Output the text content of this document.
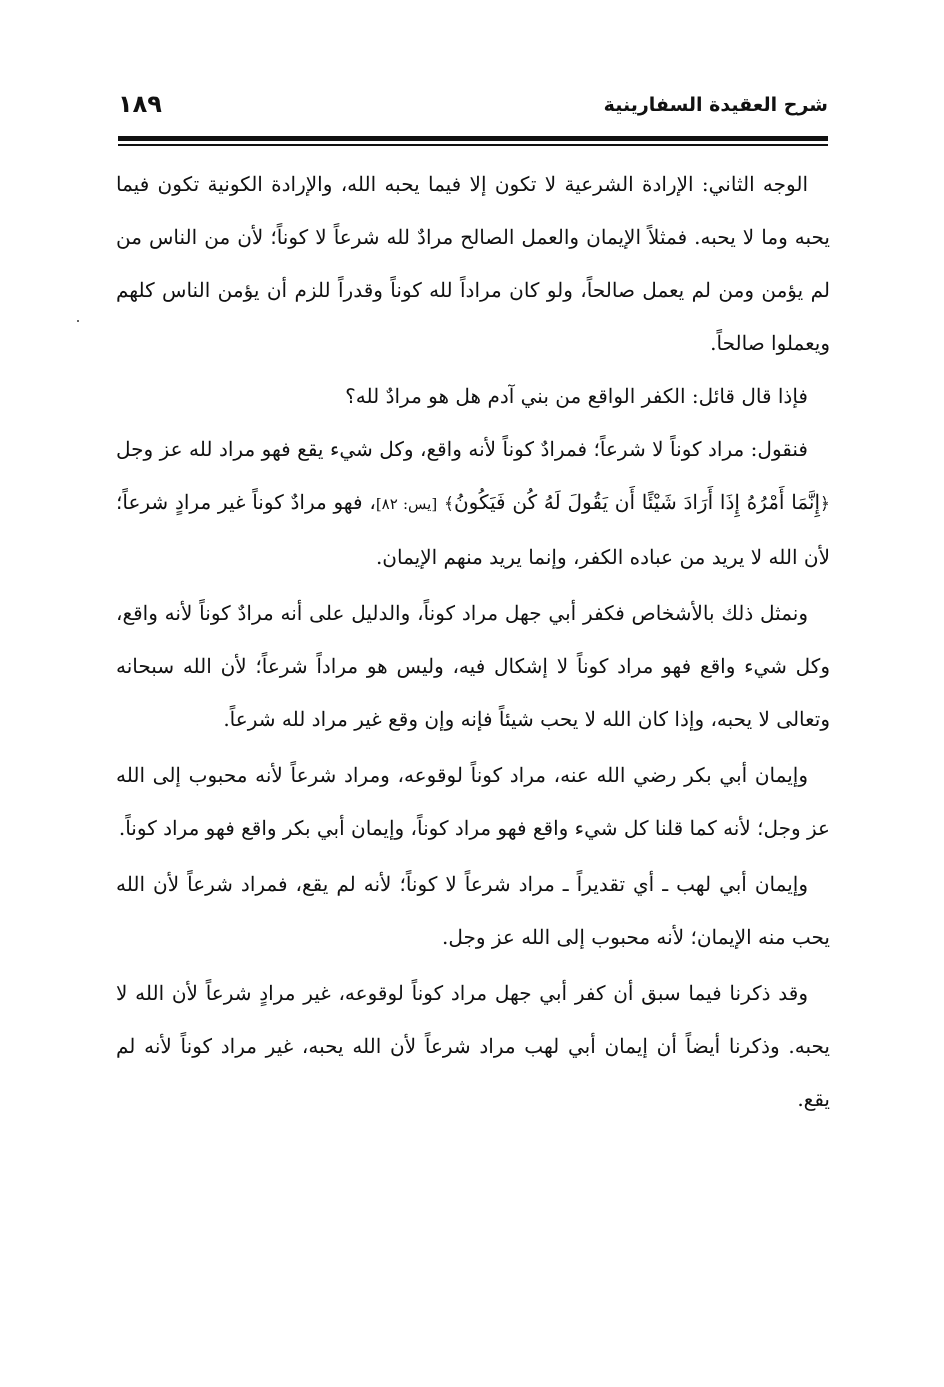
شرح العقيدة السفارينية
١٨٩

الوجه الثاني: الإرادة الشرعية لا تكون إلا فيما يحبه الله، والإرادة الكونية تكون فيما يحبه وما لا يحبه. فمثلاً الإيمان والعمل الصالح مرادٌ لله شرعاً لا كوناً؛ لأن من الناس من لم يؤمن ومن لم يعمل صالحاً، ولو كان مراداً لله كوناً وقدراً للزم أن يؤمن الناس كلهم ويعملوا صالحاً.

فإذا قال قائل: الكفر الواقع من بني آدم هل هو مرادٌ لله؟

فنقول: مراد كوناً لا شرعاً؛ فمرادٌ كوناً لأنه واقع، وكل شيء يقع فهو مراد لله عز وجل ﴿إِنَّمَا أَمْرُهُ إِذَا أَرَادَ شَيْئًا أَن يَقُولَ لَهُ كُن فَيَكُونُ﴾ [يس: ٨٢]، فهو مرادٌ كوناً غير مرادٍ شرعاً؛ لأن الله لا يريد من عباده الكفر، وإنما يريد منهم الإيمان.

ونمثل ذلك بالأشخاص فكفر أبي جهل مراد كوناً، والدليل على أنه مرادٌ كوناً لأنه واقع، وكل شيء واقع فهو مراد كوناً لا إشكال فيه، وليس هو مراداً شرعاً؛ لأن الله سبحانه وتعالى لا يحبه، وإذا كان الله لا يحب شيئاً فإنه وإن وقع غير مراد لله شرعاً.

وإيمان أبي بكر رضي الله عنه، مراد كوناً لوقوعه، ومراد شرعاً لأنه محبوب إلى الله عز وجل؛ لأنه كما قلنا كل شيء واقع فهو مراد كوناً، وإيمان أبي بكر واقع فهو مراد كوناً.

وإيمان أبي لهب ـ أي تقديراً ـ مراد شرعاً لا كوناً؛ لأنه لم يقع، فمراد شرعاً لأن الله يحب منه الإيمان؛ لأنه محبوب إلى الله عز وجل.

وقد ذكرنا فيما سبق أن كفر أبي جهل مراد كوناً لوقوعه، غير مرادٍ شرعاً لأن الله لا يحبه. وذكرنا أيضاً أن إيمان أبي لهب مراد شرعاً لأن الله يحبه، غير مراد كوناً لأنه لم يقع.
